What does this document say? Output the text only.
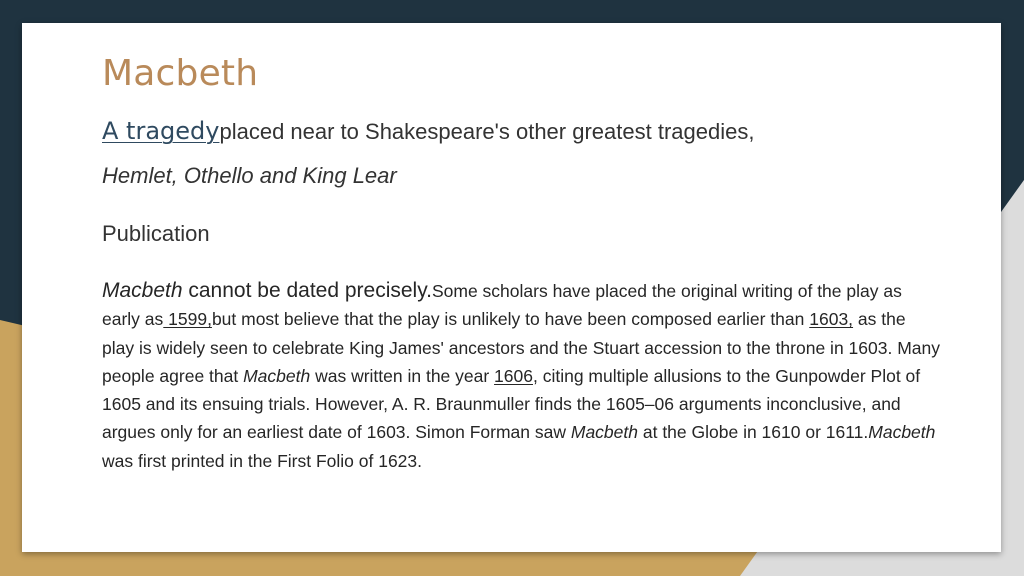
Macbeth
A tragedyplaced near to Shakespeare's other greatest tragedies,
Hemlet, Othello and King Lear
Publication
Macbeth cannot be dated precisely.Some scholars have placed the original writing of the play as early as 1599,but most believe that the play is unlikely to have been composed earlier than 1603, as the play is widely seen to celebrate King James' ancestors and the Stuart accession to the throne in 1603. Many people agree that Macbeth was written in the year 1606, citing multiple allusions to the Gunpowder Plot of 1605 and its ensuing trials. However, A. R. Braunmuller finds the 1605–06 arguments inconclusive, and argues only for an earliest date of 1603. Simon Forman saw Macbeth at the Globe in 1610 or 1611.Macbeth was first printed in the First Folio of 1623.
